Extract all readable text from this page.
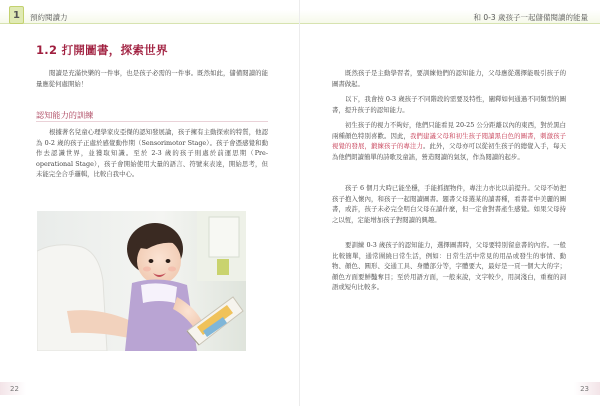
1	預約閱讀力
1.2 打開圖書，探索世界
閱讀是充滿快樂的一件事，也是孩子必需的一件事。既然如此，儲備閱讀的能量應從何處開始！
認知能力的訓練
根據著名兒童心理學家皮亞傑的認知發展論，孩子擁有主動探索的特質，他認為 0-2 歲的孩子正處於感覺動作期（Sensorimotor Stage）。孩子會憑感覺和動作去認識世界，並獲取知識。至於 2-3 歲的孩子則處於前運思期（Pre-operational Stage），孩子會開始使用大量的語言、符號來表達，開始思考，但未能完全合乎邏輯，比較自我中心。
22
和 0-3 歲孩子一起儲備閱讀的能量
既然孩子是主動學習者，要訓練他們的認知能力，父母應從選擇能吸引孩子的圖書做起。
以下，我會按 0-3 歲孩子不同階段的需要及特性，闡釋如何通過不同類型的圖書，提升孩子的認知能力。
初生孩子的視力不夠好，他們只能看見 20-25 公分距離以內的東西，對於黑白兩種顏色特別喜歡。因此，我們建議父母和初生孩子閱讀黑白色的圖書，刺激孩子視覺的發展，鍛練孩子的專注力。此外，父母亦可以從初生孩子的總覺入手，每天為他們朗讀簡單的詩歌及童謠，營造閱讀的氣氛，作為閱讀的起步。
孩子 6 個月大時已能坐穩，手能抓握物件，專注力亦比以前提升。父母不妨把孩子抱入懷內，和孩子一起閱讀圖書。題書父母選某的讀書種，看書者中美麗的圖書，或許，孩子未必完全明白父母在讀什麼，但一定會對書產生感覺。如果父母持之以恆，定能增加孩子對閱讀的興趣。
要訓練 0-3 歲孩子的認知能力，選擇圖書時，父母要特別留意書的內容。一般比較簡單，通常圍繞日常生活，例如：日常生活中常見的用品或發生的事情、動物、顏色、圓形、交通工具、身體部分等，字體要大，最好是一頁一個大大的字；顏色方面要鮮豔奪目；至於用語方面，一般來說，文字較少，用詞淺白，重複的詞語或短句比較多。
23
